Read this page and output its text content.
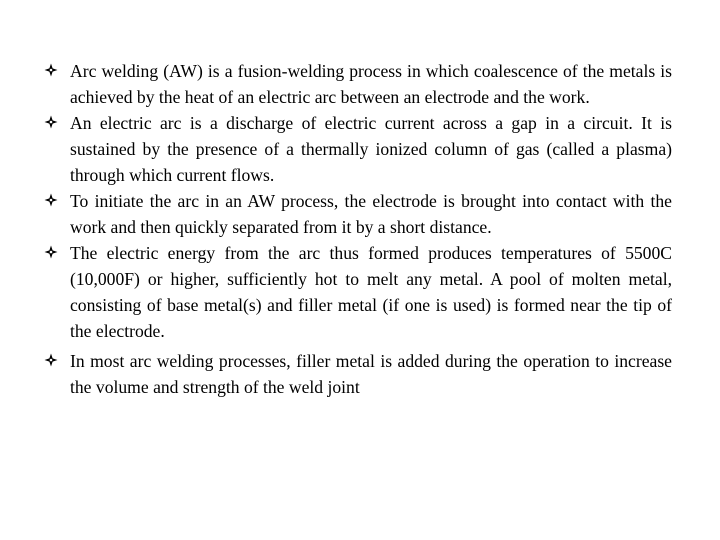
Arc welding (AW) is a fusion-welding process in which coalescence of the metals is achieved by the heat of an electric arc between an electrode and the work.
An electric arc is a discharge of electric current across a gap in a circuit. It is sustained by the presence of a thermally ionized column of gas (called a plasma) through which current flows.
To initiate the arc in an AW process, the electrode is brought into contact with the work and then quickly separated from it by a short distance.
The electric energy from the arc thus formed produces temperatures of 5500C (10,000F) or higher, sufficiently hot to melt any metal. A pool of molten metal, consisting of base metal(s) and filler metal (if one is used) is formed near the tip of the electrode.
In most arc welding processes, filler metal is added during the operation to increase the volume and strength of the weld joint
